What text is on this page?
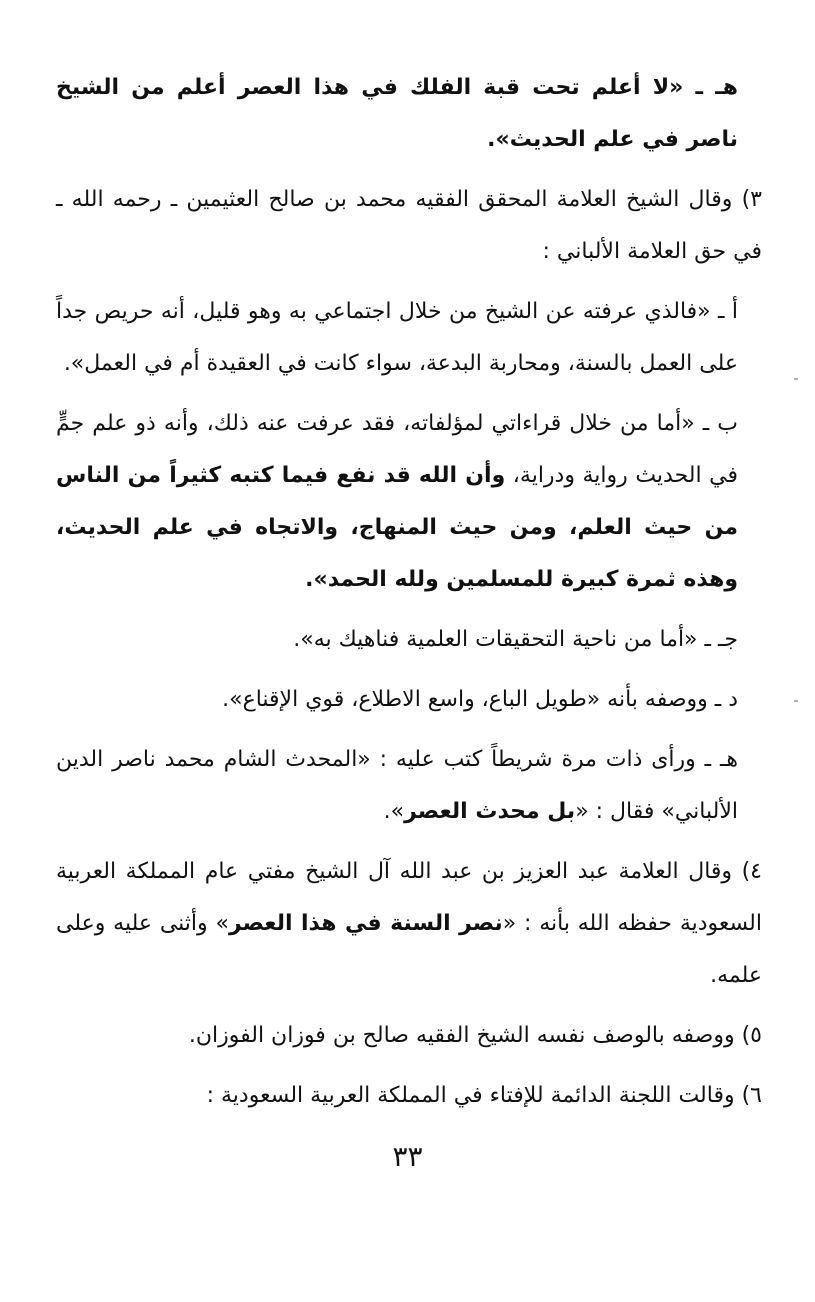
هـ ـ «لا أعلم تحت قبة الفلك في هذا العصر أعلم من الشيخ ناصر في علم الحديث».

٣) وقال الشيخ العلامة المحقق الفقيه محمد بن صالح العثيمين ـ رحمه الله ـ في حق العلامة الألباني :

أ ـ «فالذي عرفته عن الشيخ من خلال اجتماعي به وهو قليل، أنه حريص جداً على العمل بالسنة، ومحاربة البدعة، سواء كانت في العقيدة أم في العمل».

ب ـ «أما من خلال قراءاتي لمؤلفاته، فقد عرفت عنه ذلك، وأنه ذو علم جمٍّ في الحديث رواية ودراية، وأن الله قد نفع فيما كتبه كثيراً من الناس من حيث العلم، ومن حيث المنهاج، والاتجاه في علم الحديث، وهذه ثمرة كبيرة للمسلمين ولله الحمد».

جـ ـ «أما من ناحية التحقيقات العلمية فناهيك به».

د ـ ووصفه بأنه «طويل الباع، واسع الاطلاع، قوي الإقناع».

هـ ـ ورأى ذات مرة شريطاً كتب عليه : «المحدث الشام محمد ناصر الدين الألباني» فقال : «بل محدث العصر».

٤) وقال العلامة عبد العزيز بن عبد الله آل الشيخ مفتي عام المملكة العربية السعودية حفظه الله بأنه : «نصر السنة في هذا العصر» وأثنى عليه وعلى علمه.

٥) ووصفه بالوصف نفسه الشيخ الفقيه صالح بن فوزان الفوزان.

٦) وقالت اللجنة الدائمة للإفتاء في المملكة العربية السعودية :

٣٣
